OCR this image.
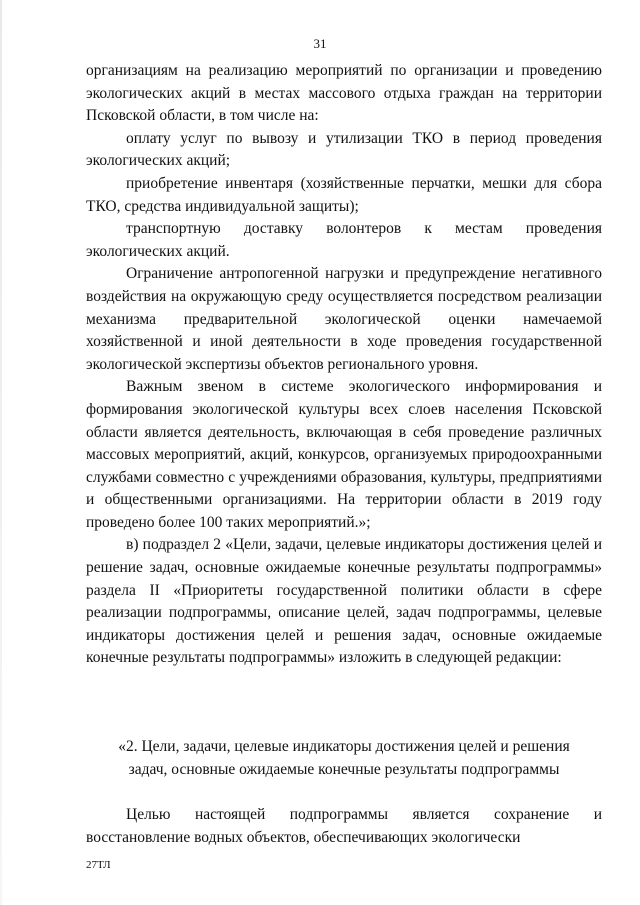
31

организациям на реализацию мероприятий по организации и проведению экологических акций в местах массового отдыха граждан на территории Псковской области, в том числе на:

оплату услуг по вывозу и утилизации ТКО в период проведения экологических акций;

приобретение инвентаря (хозяйственные перчатки, мешки для сбора ТКО, средства индивидуальной защиты);

транспортную доставку волонтеров к местам проведения экологических акций.

Ограничение антропогенной нагрузки и предупреждение негативного воздействия на окружающую среду осуществляется посредством реализации механизма предварительной экологической оценки намечаемой хозяйственной и иной деятельности в ходе проведения государственной экологической экспертизы объектов регионального уровня.

Важным звеном в системе экологического информирования и формирования экологической культуры всех слоев населения Псковской области является деятельность, включающая в себя проведение различных массовых мероприятий, акций, конкурсов, организуемых природоохранными службами совместно с учреждениями образования, культуры, предприятиями и общественными организациями. На территории области в 2019 году проведено более 100 таких мероприятий.»;

в) подраздел 2 «Цели, задачи, целевые индикаторы достижения целей и решение задач, основные ожидаемые конечные результаты подпрограммы» раздела II «Приоритеты государственной политики области в сфере реализации подпрограммы, описание целей, задач подпрограммы, целевые индикаторы достижения целей и решения задач, основные ожидаемые конечные результаты подпрограммы» изложить в следующей редакции:

«2. Цели, задачи, целевые индикаторы достижения целей и решения
задач, основные ожидаемые конечные результаты подпрограммы

Целью настоящей подпрограммы является сохранение и восстановление водных объектов, обеспечивающих экологически

27ТЛ
